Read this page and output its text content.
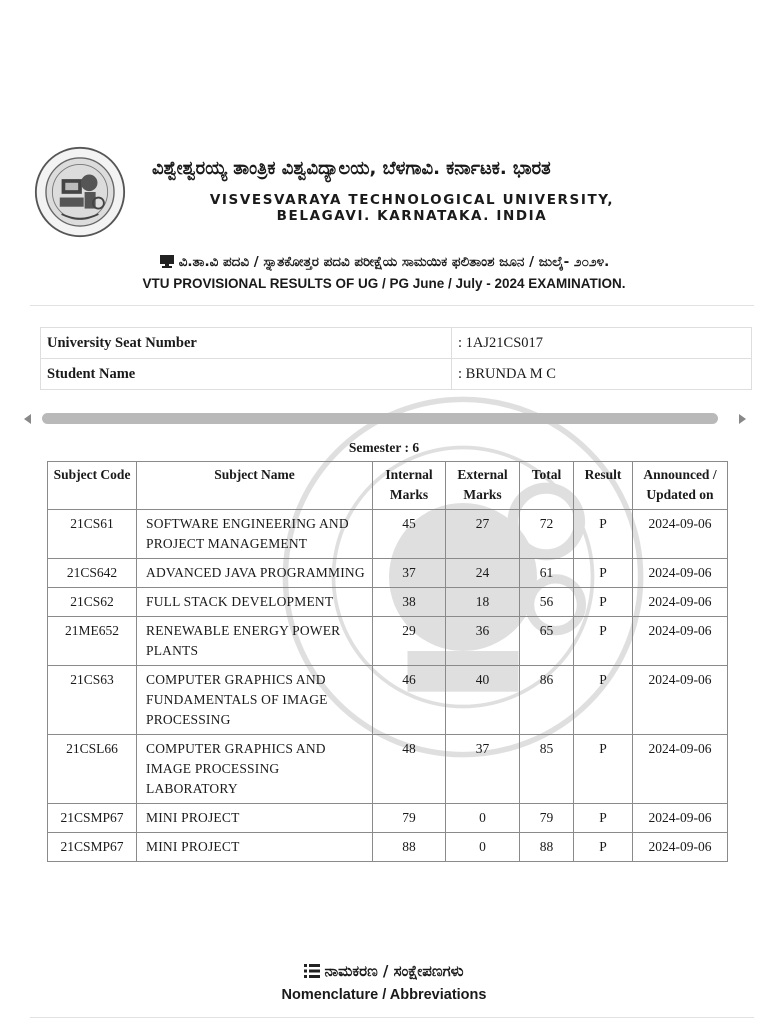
ವಿಶ್ವೇಶ್ವರಯ್ಯ ತಾಂತ್ರಿಕ ವಿಶ್ವವಿದ್ಯಾಲಯ, ಬೆಳಗಾವಿ. ಕರ್ನಾಟಕ. ಭಾರತ
VISVESVARAYA TECHNOLOGICAL UNIVERSITY,
BELAGAVI. KARNATAKA. INDIA
ವಿ.ತಾ.ವಿ ಪದವಿ / ಸ್ನಾತಕೋತ್ತರ ಪದವಿ ಪರೀಕ್ಷೆಯ ಸಾಮಯಿಕ ಫಲಿತಾಂಶ ಜೂನ / ಜುಲೈ- ೨೦೨೪.
VTU PROVISIONAL RESULTS OF UG / PG June / July - 2024 EXAMINATION.
University Seat Number	: 1AJ21CS017
Student Name	: BRUNDA M C
Semester : 6
Subject Code	Subject Name	Internal Marks	External Marks	Total	Result	Announced / Updated on
21CS61	SOFTWARE ENGINEERING AND PROJECT MANAGEMENT	45	27	72	P	2024-09-06
21CS642	ADVANCED JAVA PROGRAMMING	37	24	61	P	2024-09-06
21CS62	FULL STACK DEVELOPMENT	38	18	56	P	2024-09-06
21ME652	RENEWABLE ENERGY POWER PLANTS	29	36	65	P	2024-09-06
21CS63	COMPUTER GRAPHICS AND FUNDAMENTALS OF IMAGE PROCESSING	46	40	86	P	2024-09-06
21CSL66	COMPUTER GRAPHICS AND IMAGE PROCESSING LABORATORY	48	37	85	P	2024-09-06
21CSMP67	MINI PROJECT	79	0	79	P	2024-09-06
21CSMP67	MINI PROJECT	88	0	88	P	2024-09-06
ನಾಮಕರಣ / ಸಂಕ್ಷೇಪಣಗಳು
Nomenclature / Abbreviations
